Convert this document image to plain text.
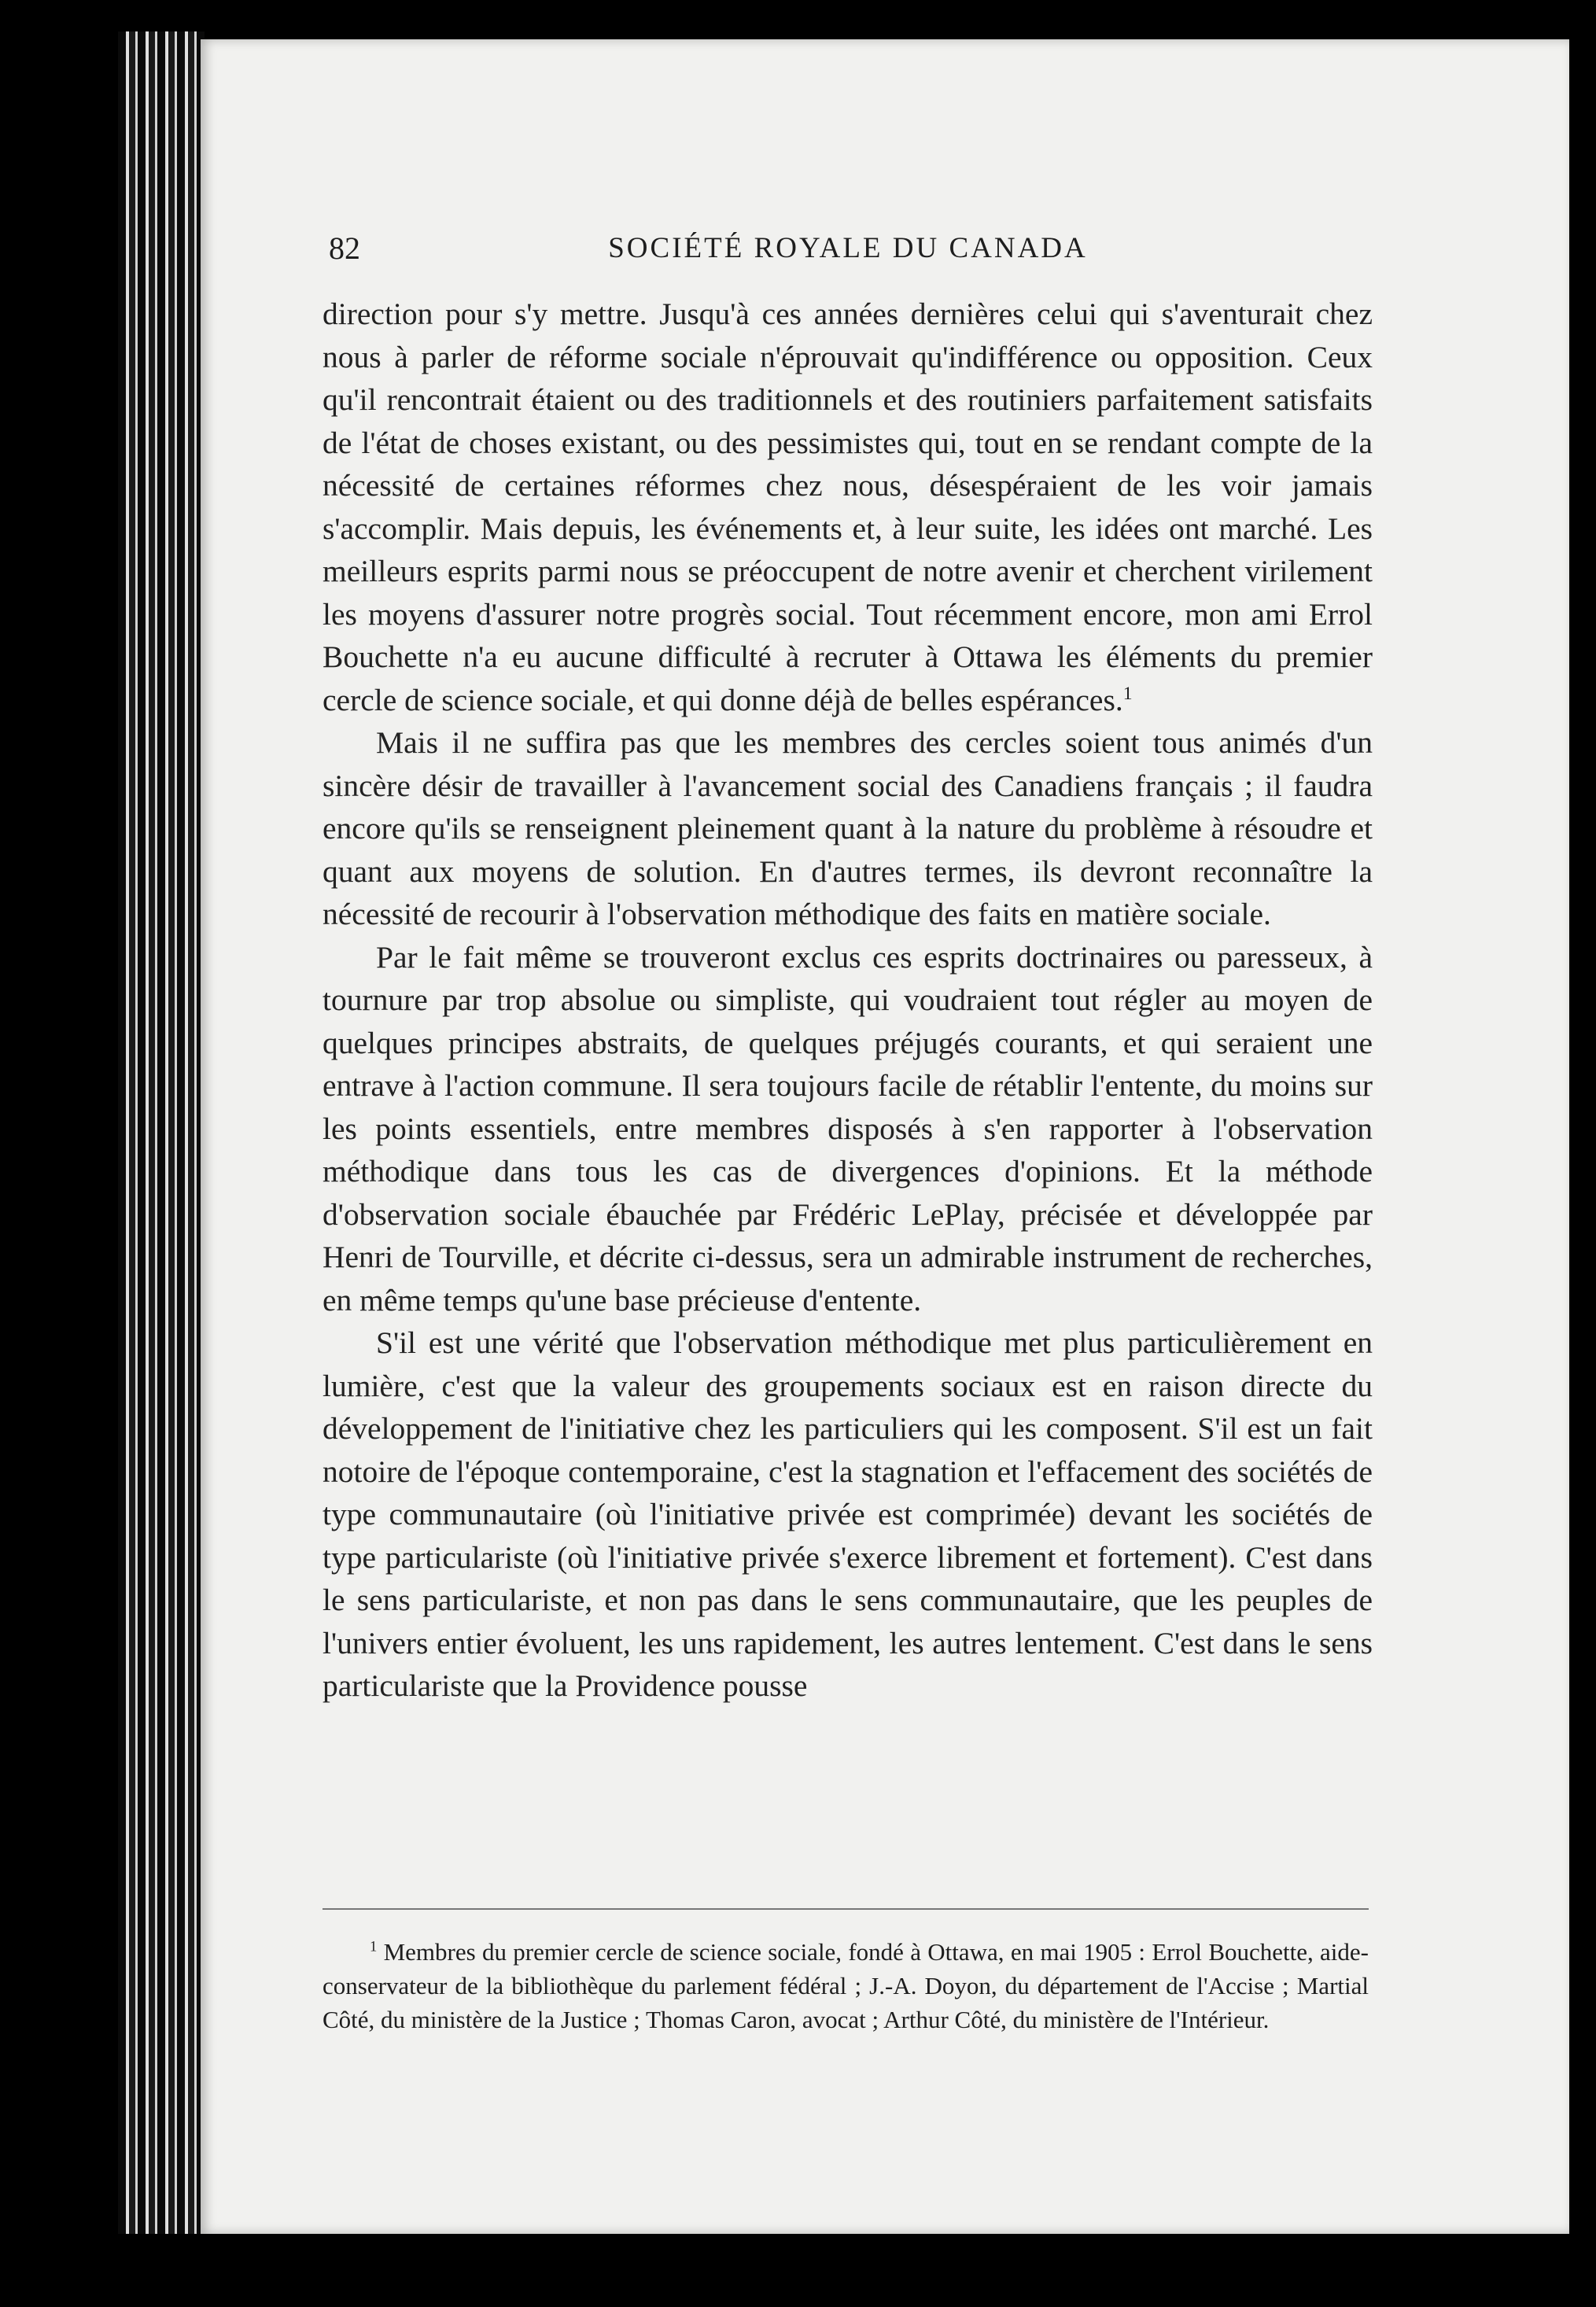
82	SOCIÉTÉ ROYALE DU CANADA

direction pour s'y mettre. Jusqu'à ces années dernières celui qui s'aventurait chez nous à parler de réforme sociale n'éprouvait qu'indifférence ou opposition. Ceux qu'il rencontrait étaient ou des traditionnels et des routiniers parfaitement satisfaits de l'état de choses existant, ou des pessimistes qui, tout en se rendant compte de la nécessité de certaines réformes chez nous, désespéraient de les voir jamais s'accomplir. Mais depuis, les événements et, à leur suite, les idées ont marché. Les meilleurs esprits parmi nous se préoccupent de notre avenir et cherchent virilement les moyens d'assurer notre progrès social. Tout récemment encore, mon ami Errol Bouchette n'a eu aucune difficulté à recruter à Ottawa les éléments du premier cercle de science sociale, et qui donne déjà de belles espérances.$^1$

Mais il ne suffira pas que les membres des cercles soient tous animés d'un sincère désir de travailler à l'avancement social des Canadiens français ; il faudra encore qu'ils se renseignent pleinement quant à la nature du problème à résoudre et quant aux moyens de solution. En d'autres termes, ils devront reconnaître la nécessité de recourir à l'observation méthodique des faits en matière sociale.

Par le fait même se trouveront exclus ces esprits doctrinaires ou paresseux, à tournure par trop absolue ou simpliste, qui voudraient tout régler au moyen de quelques principes abstraits, de quelques préjugés courants, et qui seraient une entrave à l'action commune. Il sera toujours facile de rétablir l'entente, du moins sur les points essentiels, entre membres disposés à s'en rapporter à l'observation méthodique dans tous les cas de divergences d'opinions. Et la méthode d'observation sociale ébauchée par Frédéric LePlay, précisée et développée par Henri de Tourville, et décrite ci-dessus, sera un admirable instrument de recherches, en même temps qu'une base précieuse d'entente.

S'il est une vérité que l'observation méthodique met plus particulièrement en lumière, c'est que la valeur des groupements sociaux est en raison directe du développement de l'initiative chez les particuliers qui les composent. S'il est un fait notoire de l'époque contemporaine, c'est la stagnation et l'effacement des sociétés de type communautaire (où l'initiative privée est comprimée) devant les sociétés de type particulariste (où l'initiative privée s'exerce librement et fortement). C'est dans le sens particulariste, et non pas dans le sens communautaire, que les peuples de l'univers entier évoluent, les uns rapidement, les autres lentement. C'est dans le sens particulariste que la Providence pousse

$^1$ Membres du premier cercle de science sociale, fondé à Ottawa, en mai 1905 : Errol Bouchette, aide-conservateur de la bibliothèque du parlement fédéral ; J.-A. Doyon, du département de l'Accise ; Martial Côté, du ministère de la Justice ; Thomas Caron, avocat ; Arthur Côté, du ministère de l'Intérieur.
